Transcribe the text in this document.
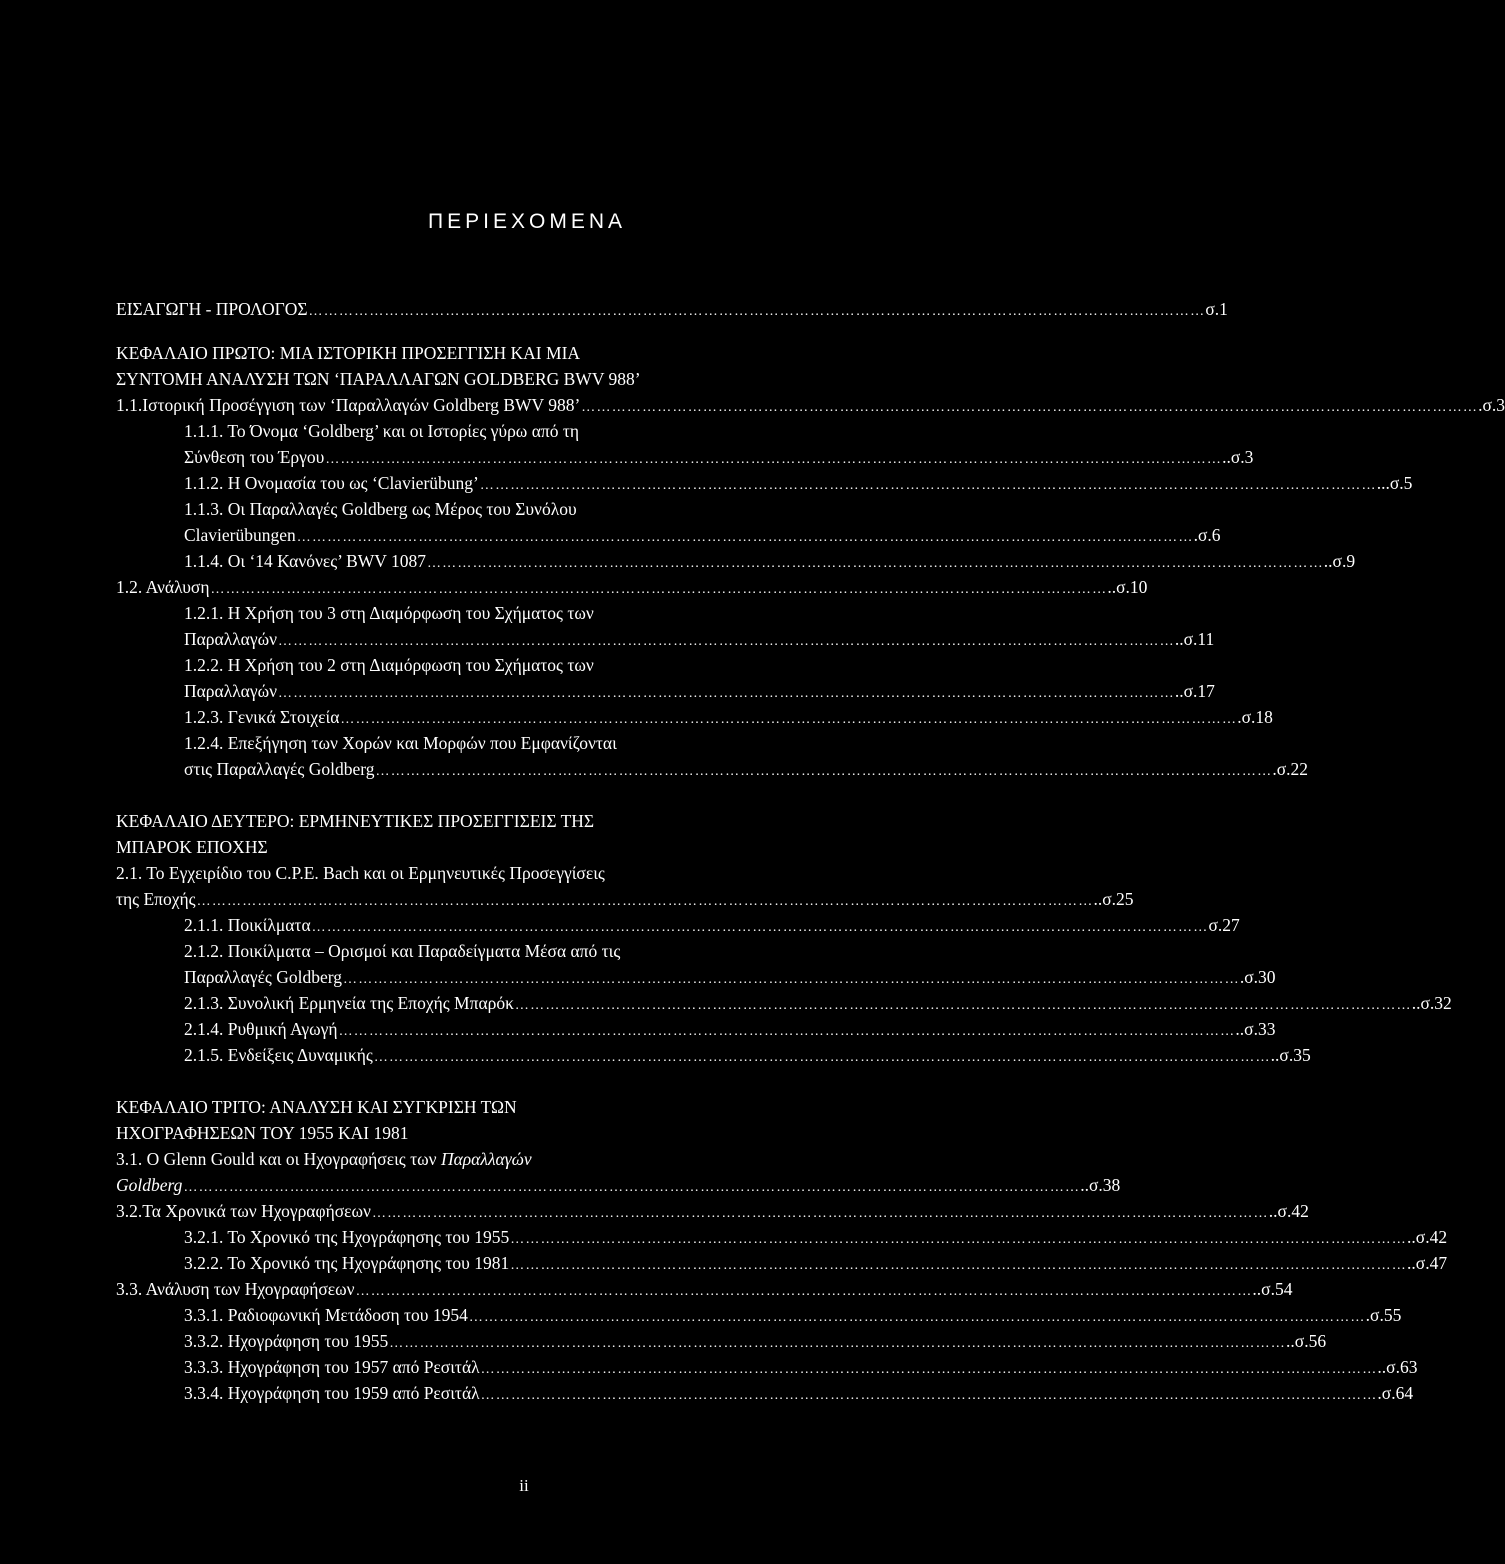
ΠΕΡΙΕΧΟΜΕΝΑ
ΕΙΣΑΓΩΓΗ - ΠΡΟΛΟΓΟΣ …………………………………………………………………………………………………………………………………………………………… σ.1
ΚΕΦΑΛΑΙΟ ΠΡΩΤΟ: ΜΙΑ ΙΣΤΟΡΙΚΗ ΠΡΟΣΕΓΓΙΣΗ ΚΑΙ ΜΙΑ
ΣΥΝΤΟΜΗ ΑΝΑΛΥΣΗ ΤΩΝ ‘ΠΑΡΑΛΛΑΓΩΝ GOLDBERG BWV 988’
1.1.Ιστορική Προσέγγιση των ‘Παραλλαγών Goldberg BWV 988’ …………………………………………………………………………………………………………………………………………………………… .σ.3
1.1.1. Το Όνομα ‘Goldberg’ και οι Ιστορίες γύρω από τη
Σύνθεση του Έργου …………………………………………………………………………………………………………………………………………………………… ..σ.3
1.1.2. Η Ονομασία του ως ‘Clavierübung’ …………………………………………………………………………………………………………………………………………………………… ...σ.5
1.1.3. Οι Παραλλαγές Goldberg ως Μέρος του Συνόλου
Clavierübungen …………………………………………………………………………………………………………………………………………………………… .σ.6
1.1.4. Οι ‘14 Κανόνες’ BWV 1087 …………………………………………………………………………………………………………………………………………………………… ..σ.9
1.2. Ανάλυση …………………………………………………………………………………………………………………………………………………………… ..σ.10
1.2.1. Η Χρήση του 3 στη Διαμόρφωση του Σχήματος των
Παραλλαγών …………………………………………………………………………………………………………………………………………………………… ..σ.11
1.2.2. Η Χρήση του 2 στη Διαμόρφωση του Σχήματος των
Παραλλαγών …………………………………………………………………………………………………………………………………………………………… ..σ.17
1.2.3. Γενικά Στοιχεία …………………………………………………………………………………………………………………………………………………………… .σ.18
1.2.4. Επεξήγηση των Χορών και Μορφών που Εμφανίζονται
στις Παραλλαγές Goldberg …………………………………………………………………………………………………………………………………………………………… .σ.22
ΚΕΦΑΛΑΙΟ ΔΕΥΤΕΡΟ: ΕΡΜΗΝΕΥΤΙΚΕΣ ΠΡΟΣΕΓΓΙΣΕΙΣ ΤΗΣ
ΜΠΑΡΟΚ ΕΠΟΧΗΣ
2.1. Το Εγχειρίδιο του C.P.E. Bach και οι Ερμηνευτικές Προσεγγίσεις
της Εποχής …………………………………………………………………………………………………………………………………………………………… ..σ.25
2.1.1. Ποικίλματα …………………………………………………………………………………………………………………………………………………………… σ.27
2.1.2. Ποικίλματα – Ορισμοί και Παραδείγματα Μέσα από τις
Παραλλαγές Goldberg …………………………………………………………………………………………………………………………………………………………… .σ.30
2.1.3. Συνολική Ερμηνεία της Εποχής Μπαρόκ …………………………………………………………………………………………………………………………………………………………… ..σ.32
2.1.4. Ρυθμική Αγωγή …………………………………………………………………………………………………………………………………………………………… ..σ.33
2.1.5. Ενδείξεις Δυναμικής …………………………………………………………………………………………………………………………………………………………… ..σ.35
ΚΕΦΑΛΑΙΟ ΤΡΙΤΟ: ΑΝΑΛΥΣΗ ΚΑΙ ΣΥΓΚΡΙΣΗ ΤΩΝ
ΗΧΟΓΡΑΦΗΣΕΩΝ ΤΟΥ 1955 ΚΑΙ 1981
3.1. Ο Glenn Gould και οι Ηχογραφήσεις των Παραλλαγών
Goldberg …………………………………………………………………………………………………………………………………………………………… ..σ.38
3.2.Τα Χρονικά των Ηχογραφήσεων …………………………………………………………………………………………………………………………………………………………… ..σ.42
3.2.1. Το Χρονικό της Ηχογράφησης του 1955 …………………………………………………………………………………………………………………………………………………………… ..σ.42
3.2.2. Το Χρονικό της Ηχογράφησης του 1981 …………………………………………………………………………………………………………………………………………………………… ..σ.47
3.3. Ανάλυση των Ηχογραφήσεων …………………………………………………………………………………………………………………………………………………………… ..σ.54
3.3.1. Ραδιοφωνική Μετάδοση του 1954 …………………………………………………………………………………………………………………………………………………………… .σ.55
3.3.2. Ηχογράφηση του 1955 …………………………………………………………………………………………………………………………………………………………… ..σ.56
3.3.3. Ηχογράφηση του 1957 από Ρεσιτάλ …………………………………………………………………………………………………………………………………………………………… ..σ.63
3.3.4. Ηχογράφηση του 1959 από Ρεσιτάλ …………………………………………………………………………………………………………………………………………………………… .σ.64
ii
